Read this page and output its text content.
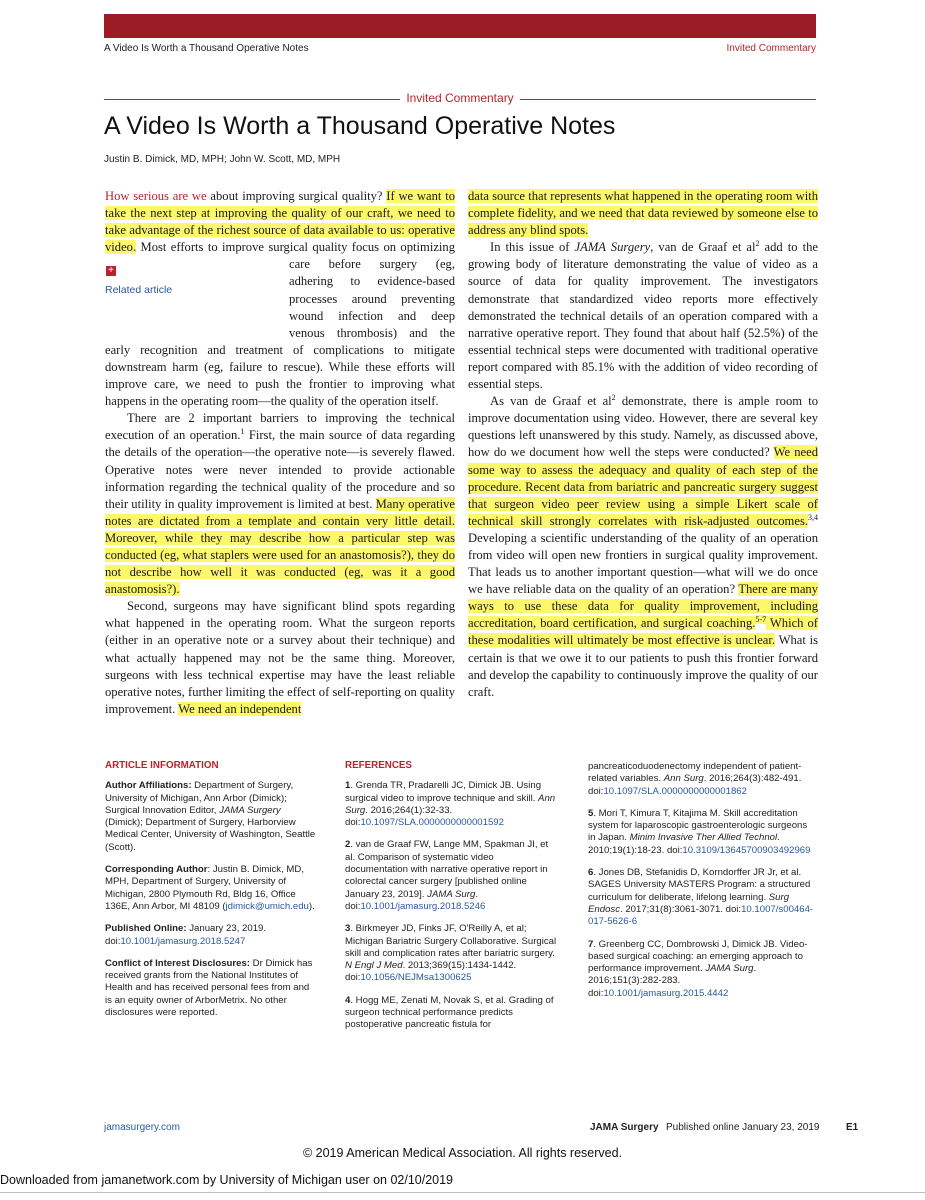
A Video Is Worth a Thousand Operative Notes	Invited Commentary
Invited Commentary
A Video Is Worth a Thousand Operative Notes
Justin B. Dimick, MD, MPH; John W. Scott, MD, MPH

How serious are we about improving surgical quality? If we want to take the next step at improving the quality of our craft, we need to take advantage of the richest source of data available to us: operative video. Most efforts to improve surgical
+
Related article
quality focus on optimizing care before surgery (eg, adhering to evidence-based processes around preventing wound infection and deep venous thrombosis) and the early recognition and treatment of complications to mitigate downstream harm (eg, failure to rescue). While these efforts will improve care, we need to push the frontier to improving what happens in the operating room—the quality of the operation itself.

There are 2 important barriers to improving the technical execution of an operation.$^1$ First, the main source of data regarding the details of the operation—the operative note—is severely flawed. Operative notes were never intended to provide actionable information regarding the technical quality of the procedure and so their utility in quality improvement is limited at best. Many operative notes are dictated from a template and contain very little detail. Moreover, while they may describe how a particular step was conducted (eg, what staplers were used for an anastomosis?), they do not describe how well it was conducted (eg, was it a good anastomosis?).

Second, surgeons may have significant blind spots regarding what happened in the operating room. What the surgeon reports (either in an operative note or a survey about their technique) and what actually happened may not be the same thing. Moreover, surgeons with less technical expertise may have the least reliable operative notes, further limiting the effect of self-reporting on quality improvement. We need an independent

data source that represents what happened in the operating room with complete fidelity, and we need that data reviewed by someone else to address any blind spots.

In this issue of JAMA Surgery, van de Graaf et $al^2$ add to the growing body of literature demonstrating the value of video as a source of data for quality improvement. The investigators demonstrate that standardized video reports more effectively demonstrated the technical details of an operation compared with a narrative operative report. They found that about half (52.5%) of the essential technical steps were documented with traditional operative report compared with 85.1% with the addition of video recording of essential steps.

As van de Graaf et $al^2$ demonstrate, there is ample room to improve documentation using video. However, there are several key questions left unanswered by this study. Namely, as discussed above, how do we document how well the steps were conducted? We need some way to assess the adequacy and quality of each step of the procedure. Recent data from bariatric and pancreatic surgery suggest that surgeon video peer review using a simple Likert scale of technical skill strongly correlates with risk-adjusted outcomes.$^{3,4}$ Developing a scientific understanding of the quality of an operation from video will open new frontiers in surgical quality improvement. That leads us to another important question—what will we do once we have reliable data on the quality of an operation? There are many ways to use these data for quality improvement, including accreditation, board certification, and surgical coaching.$^{5-7}$ Which of these modalities will ultimately be most effective is unclear. What is certain is that we owe it to our patients to push this frontier forward and develop the capability to continuously improve the quality of our craft.

ARTICLE INFORMATION

Author Affiliations: Department of Surgery, University of Michigan, Ann Arbor (Dimick); Surgical Innovation Editor, JAMA Surgery (Dimick); Department of Surgery, Harborview Medical Center, University of Washington, Seattle (Scott).

Corresponding Author: Justin B. Dimick, MD, MPH, Department of Surgery, University of Michigan, 2800 Plymouth Rd, Bldg 16, Office 136E, Ann Arbor, MI 48109 (jdimick@umich.edu).

Published Online: January 23, 2019. doi:10.1001/jamasurg.2018.5247

Conflict of Interest Disclosures: Dr Dimick has received grants from the National Institutes of Health and has received personal fees from and is an equity owner of ArborMetrix. No other disclosures were reported.

REFERENCES

1. Grenda TR, Pradarelli JC, Dimick JB. Using surgical video to improve technique and skill. Ann Surg. 2016;264(1):32-33. doi:10.1097/SLA.0000000000001592

2. van de Graaf FW, Lange MM, Spakman JI, et al. Comparison of systematic video documentation with narrative operative report in colorectal cancer surgery [published online January 23, 2019]. JAMA Surg. doi:10.1001/jamasurg.2018.5246

3. Birkmeyer JD, Finks JF, O'Reilly A, et al; Michigan Bariatric Surgery Collaborative. Surgical skill and complication rates after bariatric surgery. N Engl J Med. 2013;369(15):1434-1442. doi:10.1056/NEJMsa1300625

4. Hogg ME, Zenati M, Novak S, et al. Grading of surgeon technical performance predicts postoperative pancreatic fistula for

pancreaticoduodenectomy independent of patient-related variables. Ann Surg. 2016;264(3):482-491. doi:10.1097/SLA.0000000000001862

5. Mori T, Kimura T, Kitajima M. Skill accreditation system for laparoscopic gastroenterologic surgeons in Japan. Minim Invasive Ther Allied Technol. 2010;19(1):18-23. doi:10.3109/13645700903492969

6. Jones DB, Stefanidis D, Korndorffer JR Jr, et al. SAGES University MASTERS Program: a structured curriculum for deliberate, lifelong learning. Surg Endosc. 2017;31(8):3061-3071. doi:10.1007/s00464-017-5626-6

7. Greenberg CC, Dombrowski J, Dimick JB. Video-based surgical coaching: an emerging approach to performance improvement. JAMA Surg. 2016;151(3):282-283. doi:10.1001/jamasurg.2015.4442

jamasurgery.com	JAMA Surgery Published online January 23, 2019	E1
© 2019 American Medical Association. All rights reserved.
Downloaded from jamanetwork.com by University of Michigan user on 02/10/2019
